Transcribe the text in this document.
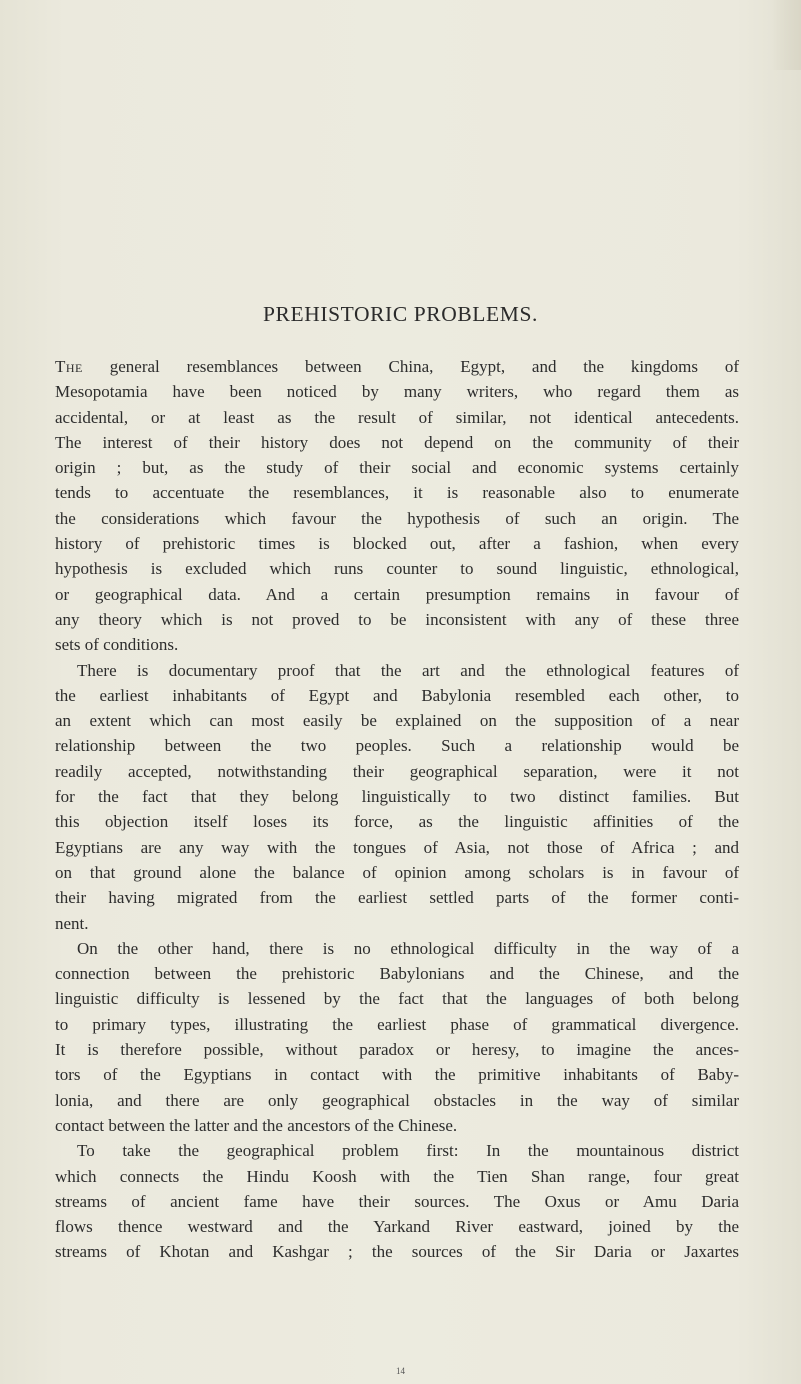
PREHISTORIC PROBLEMS.

The general resemblances between China, Egypt, and the kingdoms of

Mesopotamia have been noticed by many writers, who regard them as

accidental, or at least as the result of similar, not identical antecedents.

The interest of their history does not depend on the community of their

origin ; but, as the study of their social and economic systems certainly

tends to accentuate the resemblances, it is reasonable also to enumerate

the considerations which favour the hypothesis of such an origin. The

history of prehistoric times is blocked out, after a fashion, when every

hypothesis is excluded which runs counter to sound linguistic, ethnological,

or geographical data. And a certain presumption remains in favour of

any theory which is not proved to be inconsistent with any of these three

sets of conditions.

There is documentary proof that the art and the ethnological features of

the earliest inhabitants of Egypt and Babylonia resembled each other, to

an extent which can most easily be explained on the supposition of a near

relationship between the two peoples. Such a relationship would be

readily accepted, notwithstanding their geographical separation, were it not

for the fact that they belong linguistically to two distinct families. But

this objection itself loses its force, as the linguistic affinities of the

Egyptians are any way with the tongues of Asia, not those of Africa ; and

on that ground alone the balance of opinion among scholars is in favour of

their having migrated from the earliest settled parts of the former conti-

nent.

On the other hand, there is no ethnological difficulty in the way of a

connection between the prehistoric Babylonians and the Chinese, and the

linguistic difficulty is lessened by the fact that the languages of both belong

to primary types, illustrating the earliest phase of grammatical divergence.

It is therefore possible, without paradox or heresy, to imagine the ances-

tors of the Egyptians in contact with the primitive inhabitants of Baby-

lonia, and there are only geographical obstacles in the way of similar

contact between the latter and the ancestors of the Chinese.

To take the geographical problem first: In the mountainous district

which connects the Hindu Koosh with the Tien Shan range, four great

streams of ancient fame have their sources. The Oxus or Amu Daria

flows thence westward and the Yarkand River eastward, joined by the

streams of Khotan and Kashgar ; the sources of the Sir Daria or Jaxartes

14
